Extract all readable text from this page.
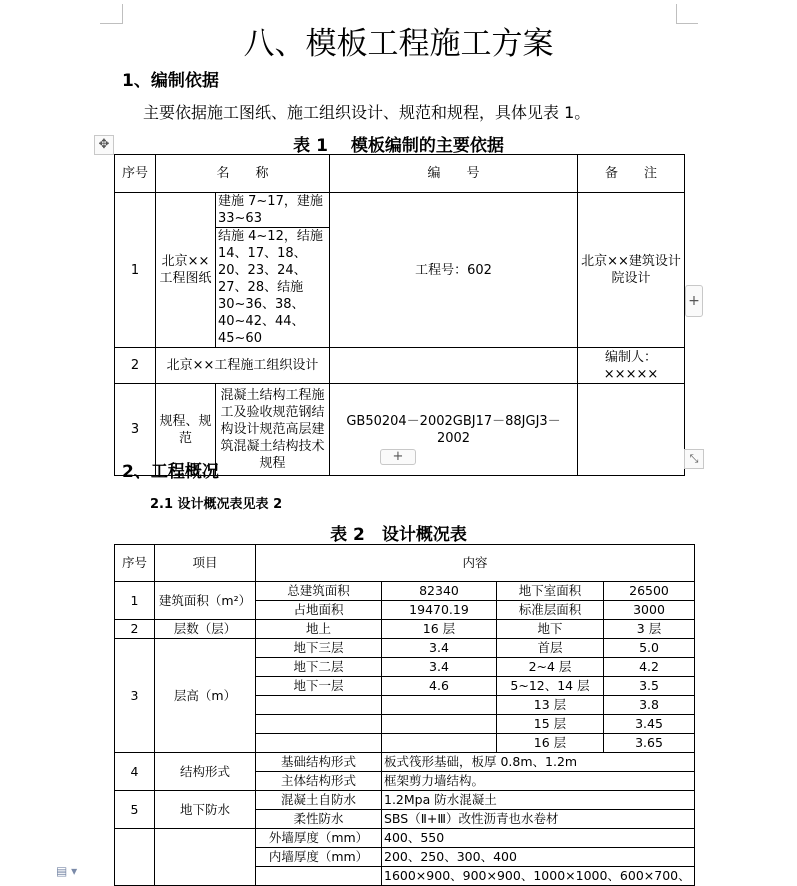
八、模板工程施工方案
1、编制依据
主要依据施工图纸、施工组织设计、规范和规程，具体见表 1。
✥	表 1　 模板编制的主要依据
序号	名　　称		编　　号	备　　注
1	北京××工程图纸	建施 7~17，建施 33~63	工程号：602	北京××建筑设计院设计
		结施 4~12，结施 14、17、18、20、23、24、27、28、结施 30~36、38、40~42、44、45~60		
2	北京××工程施工组织设计			编制人：×××××
3	规程、规范	混凝土结构工程施工及验收规范钢结构设计规范高层建筑混凝土结构技术规程	GB50204－2002GBJ17－88JGJ3－2002	
+
+	⤡
2、工程概况
2.1 设计概况表见表 2
表 2　设计概况表
序号	项目	内容			
1	建筑面积（m²）	总建筑面积	82340	地下室面积	26500
		占地面积	19470.19	标准层面积	3000
2	层数（层）	地上	16 层	地下	3 层
3	层高（m）	地下三层	3.4	首层	5.0
		地下二层	3.4	2~4 层	4.2
		地下一层	4.6	5~12、14 层	3.5
				13 层	3.8
				15 层	3.45
				16 层	3.65
4	结构形式	基础结构形式	板式筏形基础，板厚 0.8m、1.2m		
		主体结构形式	框架剪力墙结构。		
5	地下防水	混凝土自防水	1.2Mpa 防水混凝土		
		柔性防水	SBS（Ⅱ+Ⅲ）改性沥青也水卷材		
		外墙厚度（mm）	400、550		
		内墙厚度（mm）	200、250、300、400		
			1600×900、900×900、1000×1000、600×700、		
▤ ▾
